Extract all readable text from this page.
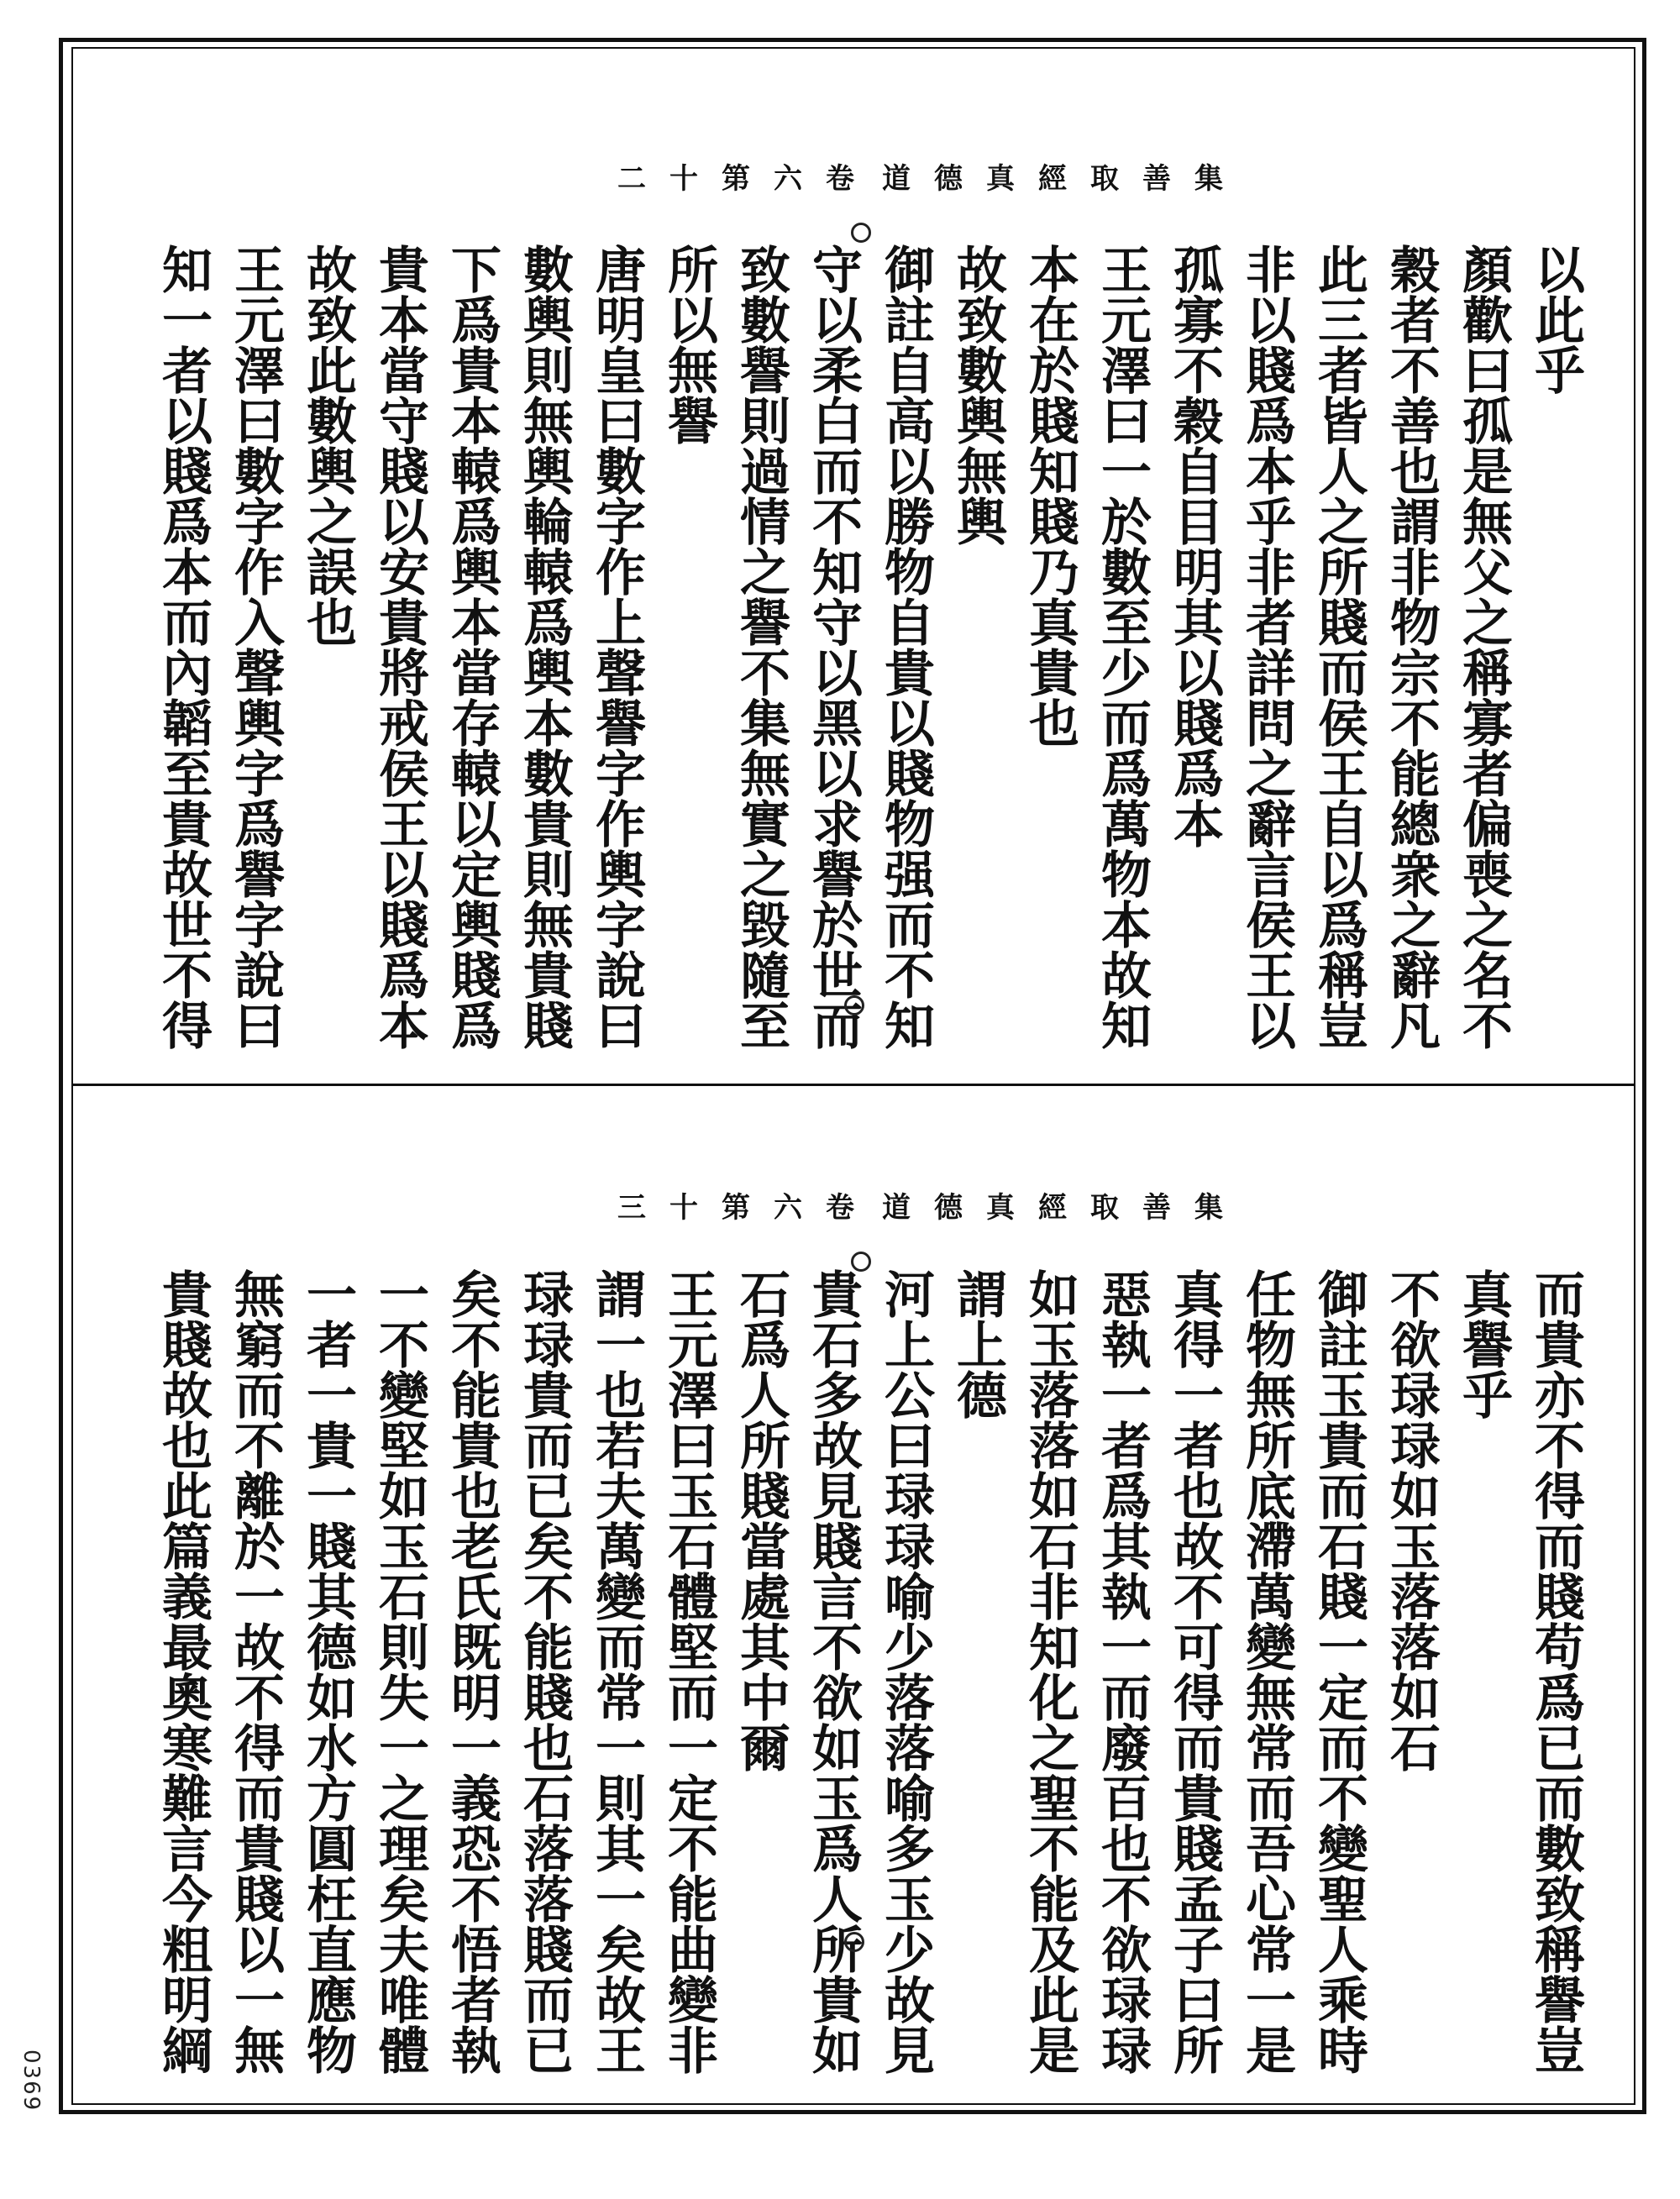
二十第六卷 道德真經取善集
三十第六卷 道德真經取善集
以此乎
顏歡曰孤是無父之稱寡者偏喪之名不
穀者不善也謂非物宗不能總衆之辭凡
此三者皆人之所賤而侯王自以爲稱豈
非以賤爲本乎非者詳問之辭言侯王以
孤寡不穀自目明其以賤爲本
王元澤曰一於數至少而爲萬物本故知
本在於賤知賤乃真貴也
故致數輿無輿
御註自高以勝物自貴以賤物强而不知
守以柔白而不知守以黑以求譽於世而
致數譽則過情之譽不集無實之毀隨至
所以無譽
唐明皇曰數字作上聲譽字作輿字說曰
數輿則無輿輪轅爲輿本數貴則無貴賤
下爲貴本轅爲輿本當存轅以定輿賤爲
貴本當守賤以安貴將戒侯王以賤爲本
故致此數輿之誤也
王元澤曰數字作入聲輿字爲譽字說曰
知一者以賤爲本而內韜至貴故世不得
而貴亦不得而賤苟爲已而數致稱譽豈
真譽乎
不欲琭琭如玉落落如石
御註玉貴而石賤一定而不變聖人乘時
任物無所底滯萬變無常而吾心常一是
真得一者也故不可得而貴賤孟子曰所
惡執一者爲其執一而廢百也不欲琭琭
如玉落落如石非知化之聖不能及此是
謂上德
河上公曰琭琭喻少落落喻多玉少故見
貴石多故見賤言不欲如玉爲人所貴如
石爲人所賤當處其中爾
王元澤曰玉石體堅而一定不能曲變非
謂一也若夫萬變而常一則其一矣故王
琭琭貴而已矣不能賤也石落落賤而已
矣不能貴也老氏既明一義恐不悟者執
一不變堅如玉石則失一之理矣夫唯體
一者一貴一賤其德如水方圓枉直應物
無窮而不離於一故不得而貴賤以一無
貴賤故也此篇義最奧寒難言今粗明綱
0369
